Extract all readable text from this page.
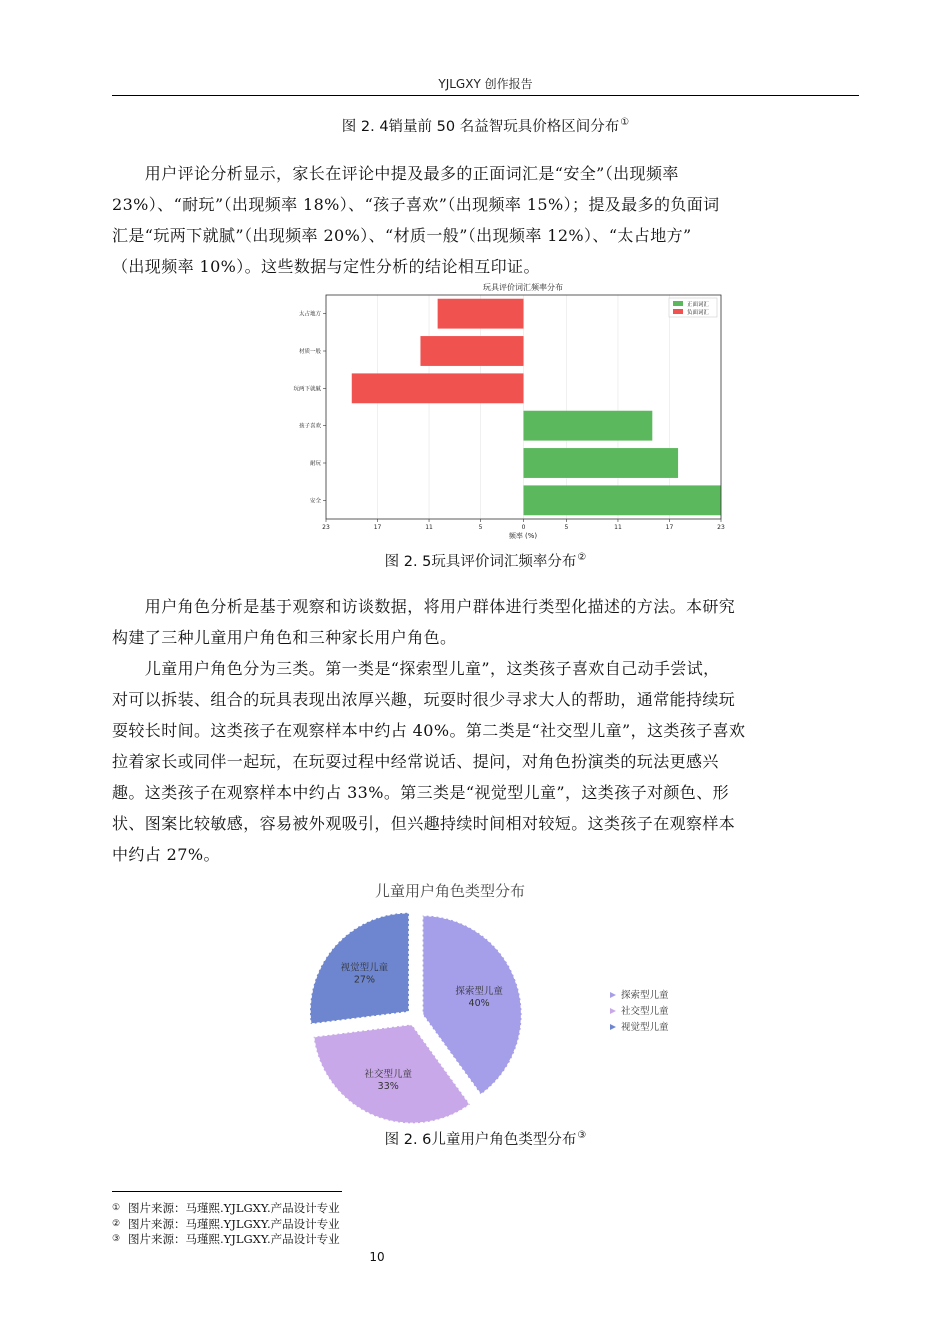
YJLGXY 创作报告
图 2. 4销量前 50 名益智玩具价格区间分布①
　　用户评论分析显示，家长在评论中提及最多的正面词汇是“安全”（出现频率
23%）、“耐玩”（出现频率 18%）、“孩子喜欢”（出现频率 15%）；提及最多的负面词
汇是“玩两下就腻”（出现频率 20%）、“材质一般”（出现频率 12%）、“太占地方”
（出现频率 10%）。这些数据与定性分析的结论相互印证。
安全
耐玩
孩子喜欢
玩两下就腻
材质一般
太占地方
23	17	11	5	0	5	11	17	23
玩具评价词汇频率分布
频率 (%)
正面词汇
负面词汇
图 2. 5玩具评价词汇频率分布②
　　用户角色分析是基于观察和访谈数据，将用户群体进行类型化描述的方法。本研究
构建了三种儿童用户角色和三种家长用户角色。
　　儿童用户角色分为三类。第一类是“探索型儿童”，这类孩子喜欢自己动手尝试，
对可以拆装、组合的玩具表现出浓厚兴趣，玩耍时很少寻求大人的帮助，通常能持续玩
耍较长时间。这类孩子在观察样本中约占 40%。第二类是“社交型儿童”，这类孩子喜欢
拉着家长或同伴一起玩，在玩耍过程中经常说话、提问，对角色扮演类的玩法更感兴
趣。这类孩子在观察样本中约占 33%。第三类是“视觉型儿童”，这类孩子对颜色、形
状、图案比较敏感，容易被外观吸引，但兴趣持续时间相对较短。这类孩子在观察样本
中约占 27%。
儿童用户角色类型分布
探索型儿童
40%
社交型儿童
33%
视觉型儿童
27%
探索型儿童
社交型儿童
视觉型儿童
图 2. 6儿童用户角色类型分布③
① 图片来源：马瑾熙.YJLGXY.产品设计专业
② 图片来源：马瑾熙.YJLGXY.产品设计专业
③ 图片来源：马瑾熙.YJLGXY.产品设计专业
10
